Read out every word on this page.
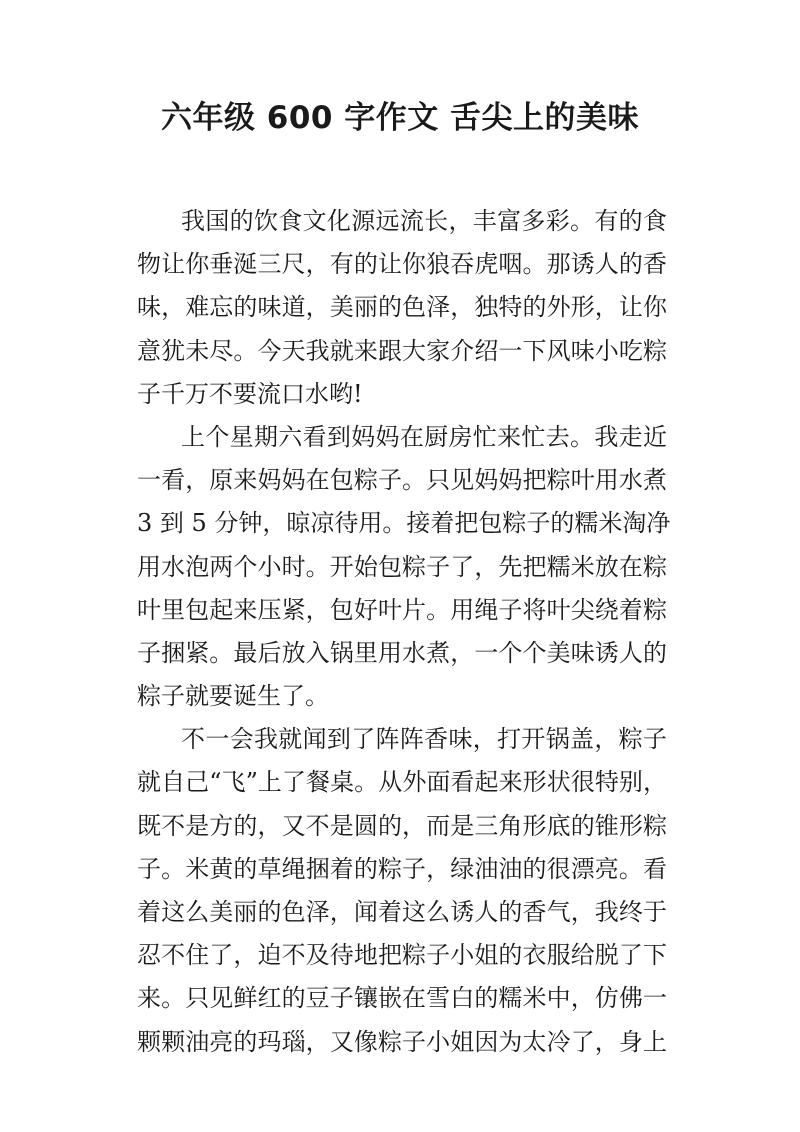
六年级 600 字作文 舌尖上的美味
我国的饮食文化源远流长，丰富多彩。有的食
物让你垂涎三尺，有的让你狼吞虎咽。那诱人的香
味，难忘的味道，美丽的色泽，独特的外形，让你
意犹未尽。今天我就来跟大家介绍一下风味小吃粽
子千万不要流口水哟!
上个星期六看到妈妈在厨房忙来忙去。我走近
一看，原来妈妈在包粽子。只见妈妈把粽叶用水煮
3 到 5 分钟，晾凉待用。接着把包粽子的糯米淘净
用水泡两个小时。开始包粽子了，先把糯米放在粽
叶里包起来压紧，包好叶片。用绳子将叶尖绕着粽
子捆紧。最后放入锅里用水煮，一个个美味诱人的
粽子就要诞生了。
不一会我就闻到了阵阵香味，打开锅盖，粽子
就自己“飞”上了餐桌。从外面看起来形状很特别，
既不是方的，又不是圆的，而是三角形底的锥形粽
子。米黄的草绳捆着的粽子，绿油油的很漂亮。看
着这么美丽的色泽，闻着这么诱人的香气，我终于
忍不住了，迫不及待地把粽子小姐的衣服给脱了下
来。只见鲜红的豆子镶嵌在雪白的糯米中，仿佛一
颗颗油亮的玛瑙，又像粽子小姐因为太冷了，身上
